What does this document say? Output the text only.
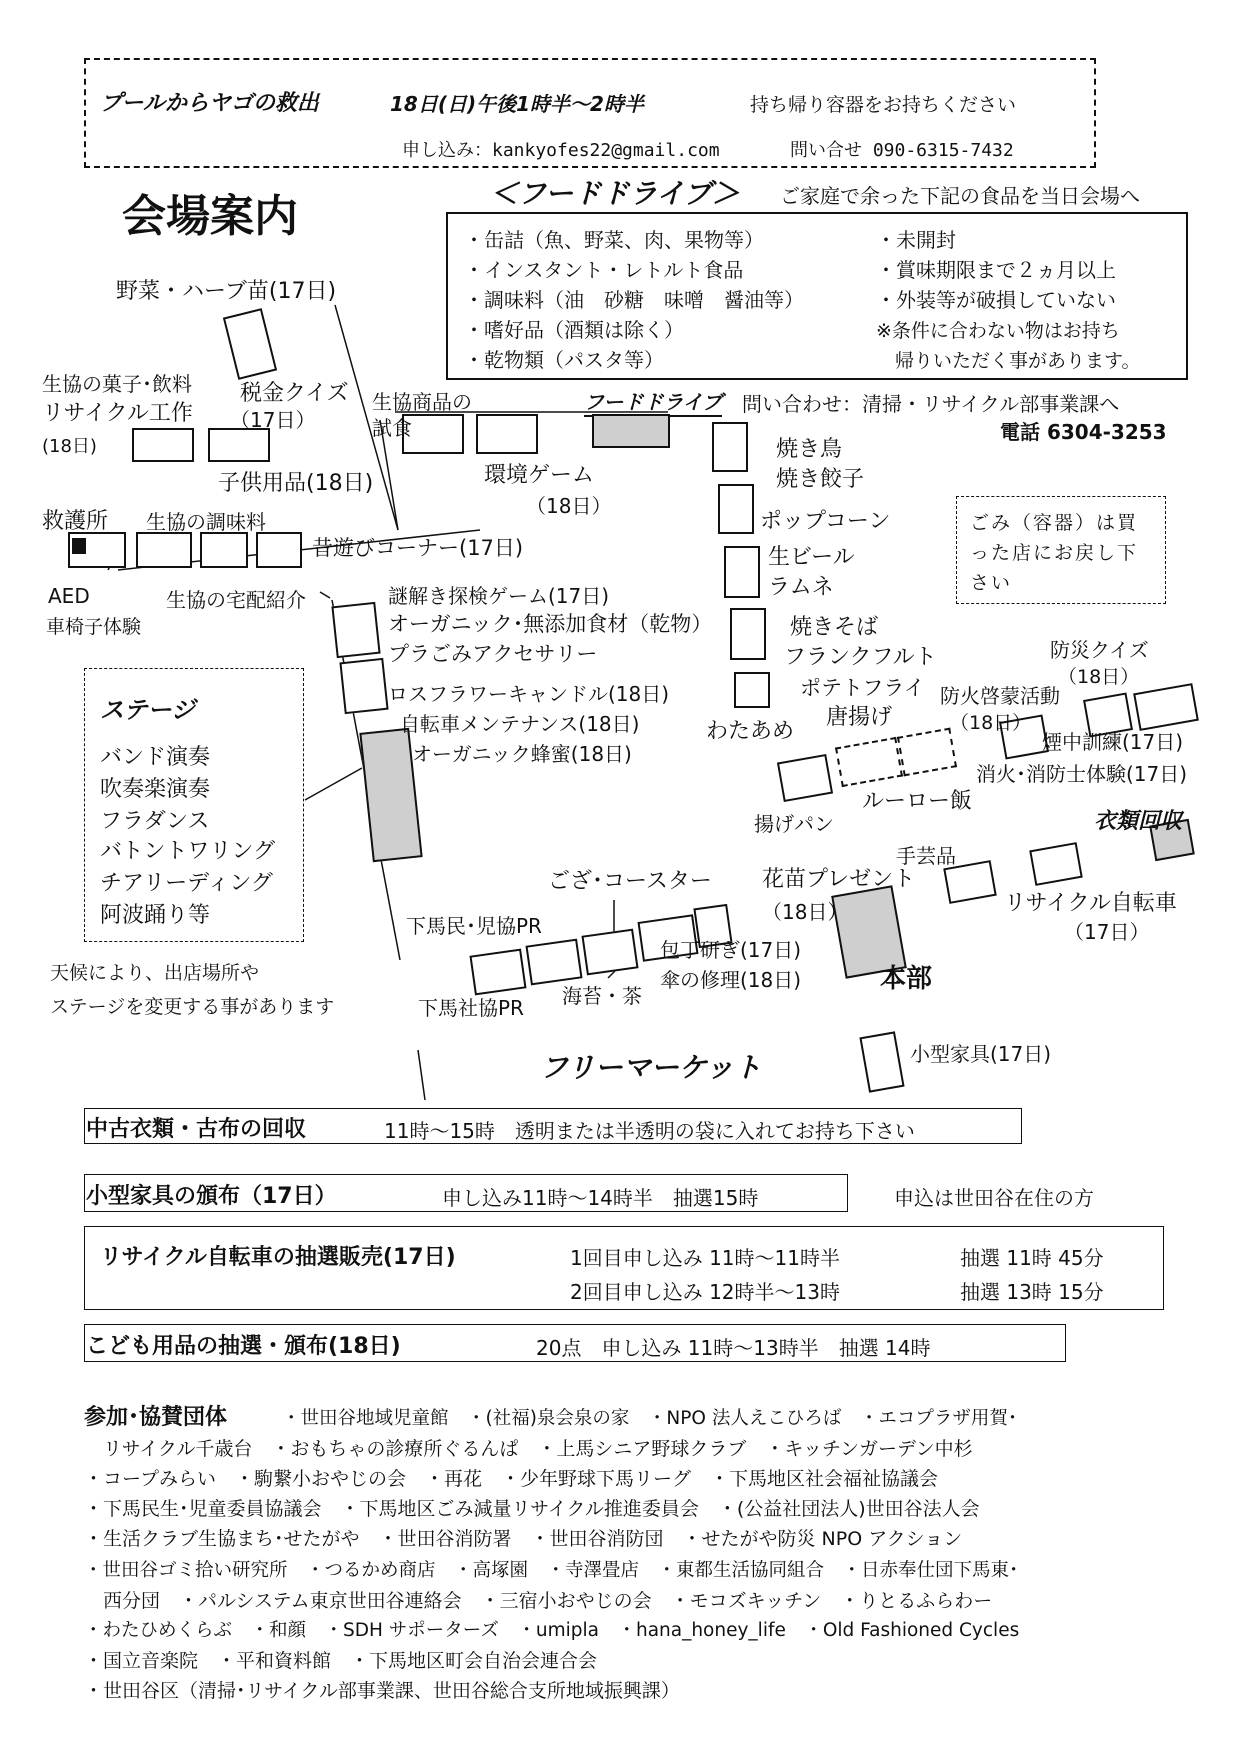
プールからヤゴの救出	18日(日)午後1時半〜2時半	持ち帰り容器をお持ちください
申し込み：kankyofes22@gmail.com	問い合せ 090-6315-7432
会場案内	＜フードドライブ＞ ご家庭で余った下記の食品を当日会場へ
・缶詰（魚、野菜、肉、果物等）
・インスタント・レトルト食品
・調味料（油　砂糖　味噌　醤油等）
・嗜好品（酒類は除く）
・乾物類（パスタ等）
・未開封
・賞味期限まで２ヵ月以上
・外装等が破損していない
※条件に合わない物はお持ち
　帰りいただく事があります。
フードドライブ 問い合わせ：清掃・リサイクル部事業課へ
電話 6304-3253
野菜・ハーブ苗(17日)
生協の菓子･飲料
リサイクル工作
(18日)
税金クイズ
（17日）
生協商品の
試食
子供用品(18日)	環境ゲーム
（18日）
救護所 生協の調味料
昔遊びコーナー(17日)
AED
車椅子体験
生協の宅配紹介	謎解き探検ゲーム(17日)
オーガニック･無添加食材（乾物）
プラごみアクセサリー
ロスフラワーキャンドル(18日)
自転車メンテナンス(18日)
オーガニック蜂蜜(18日)
焼き鳥
焼き餃子
ポップコーン
生ビール
ラムネ
焼きそば
フランクフルト
ポテトフライ
唐揚げ
わたあめ
ごみ（容器）は買った店にお戻し下さい
防災クイズ
（18日）
防火啓蒙活動
（18日）
煙中訓練(17日)
消火･消防士体験(17日)
ルーロー飯
揚げパン	衣類回収
手芸品
花苗プレゼント
（18日）	リサイクル自転車
（17日）
ござ･コースター
下馬民･児協PR
包丁研ぎ(17日)
傘の修理(18日)	本部
海苔・茶
下馬社協PR
フリーマーケット	小型家具(17日)
ステージ
バンド演奏
吹奏楽演奏
フラダンス
バトントワリング
チアリーディング
阿波踊り等
天候により、出店場所や
ステージを変更する事があります
中古衣類・古布の回収	11時〜15時　透明または半透明の袋に入れてお持ち下さい
小型家具の頒布（17日）	申し込み11時〜14時半　抽選15時	申込は世田谷在住の方
リサイクル自転車の抽選販売(17日)	1回目申し込み 11時〜11時半	抽選 11時 45分
2回目申し込み 12時半〜13時	抽選 13時 15分
こども用品の抽選・頒布(18日)	20点　申し込み 11時〜13時半　抽選 14時
参加･協賛団体	・世田谷地域児童館　・(社福)泉会泉の家　・NPO 法人えこひろば　・エコプラザ用賀･
　リサイクル千歳台　・おもちゃの診療所ぐるんぱ　・上馬シニア野球クラブ　・キッチンガーデン中杉
・コープみらい　・駒繋小おやじの会　・再花　・少年野球下馬リーグ　・下馬地区社会福祉協議会
・下馬民生･児童委員協議会　・下馬地区ごみ減量リサイクル推進委員会　・(公益社団法人)世田谷法人会
・生活クラブ生協まち･せたがや　・世田谷消防署　・世田谷消防団　・せたがや防災 NPO アクション
・世田谷ゴミ拾い研究所　・つるかめ商店　・高塚園　・寺澤畳店　・東都生活協同組合　・日赤奉仕団下馬東･
　西分団　・パルシステム東京世田谷連絡会　・三宿小おやじの会　・モコズキッチン　・りとるふらわー
・わたひめくらぶ　・和顔　・SDH サポーターズ　・umipla　・hana_honey_life　・Old Fashioned Cycles
・国立音楽院　・平和資料館　・下馬地区町会自治会連合会
・世田谷区（清掃･リサイクル部事業課、世田谷総合支所地域振興課）
